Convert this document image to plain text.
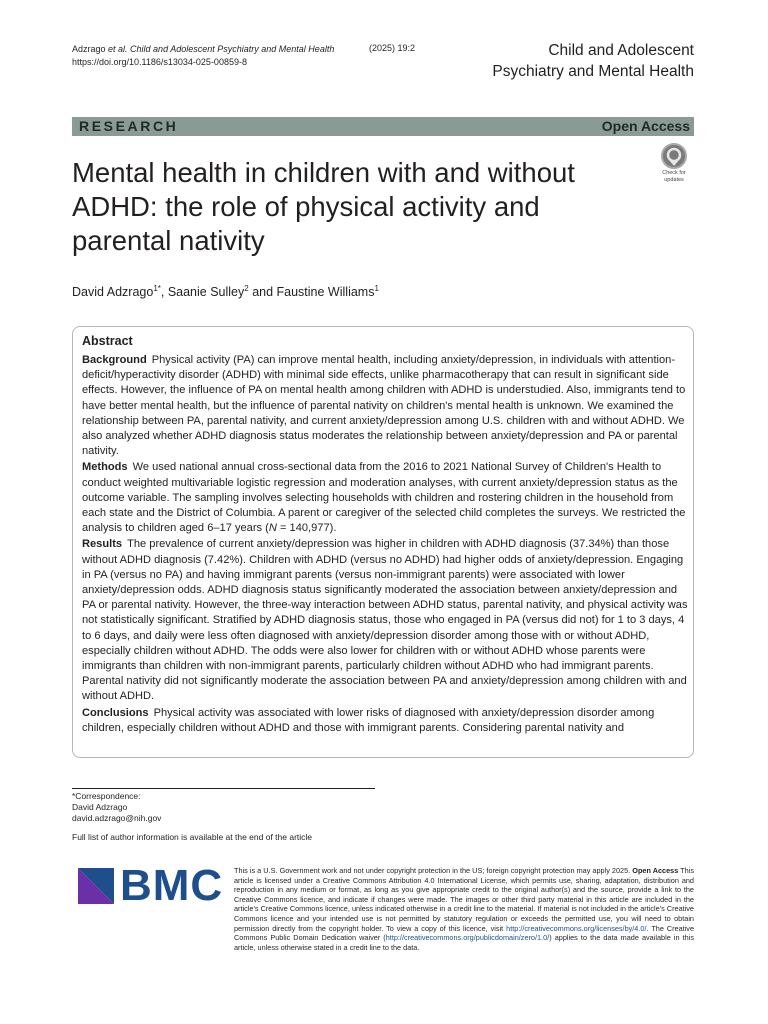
Adzrago et al. Child and Adolescent Psychiatry and Mental Health
https://doi.org/10.1186/s13034-025-00859-8
(2025) 19:2	Child and Adolescent
Psychiatry and Mental Health
RESEARCH	Open Access
Mental health in children with and without ADHD: the role of physical activity and parental nativity
Check for
updates
David Adzrago$^{1*}$, Saanie Sulley$^2$ and Faustine Williams$^1$
Abstract

Background Physical activity (PA) can improve mental health, including anxiety/depression, in individuals with attention-deficit/hyperactivity disorder (ADHD) with minimal side effects, unlike pharmacotherapy that can result in significant side effects. However, the influence of PA on mental health among children with ADHD is understudied. Also, immigrants tend to have better mental health, but the influence of parental nativity on children's mental health is unknown. We examined the relationship between PA, parental nativity, and current anxiety/depression among U.S. children with and without ADHD. We also analyzed whether ADHD diagnosis status moderates the relationship between anxiety/depression and PA or parental nativity.

Methods We used national annual cross-sectional data from the 2016 to 2021 National Survey of Children's Health to conduct weighted multivariable logistic regression and moderation analyses, with current anxiety/depression status as the outcome variable. The sampling involves selecting households with children and rostering children in the household from each state and the District of Columbia. A parent or caregiver of the selected child completes the surveys. We restricted the analysis to children aged 6–17 years (N = 140,977).

Results The prevalence of current anxiety/depression was higher in children with ADHD diagnosis (37.34%) than those without ADHD diagnosis (7.42%). Children with ADHD (versus no ADHD) had higher odds of anxiety/depression. Engaging in PA (versus no PA) and having immigrant parents (versus non-immigrant parents) were associated with lower anxiety/depression odds. ADHD diagnosis status significantly moderated the association between anxiety/depression and PA or parental nativity. However, the three-way interaction between ADHD status, parental nativity, and physical activity was not statistically significant. Stratified by ADHD diagnosis status, those who engaged in PA (versus did not) for 1 to 3 days, 4 to 6 days, and daily were less often diagnosed with anxiety/depression disorder among those with or without ADHD, especially children without ADHD. The odds were also lower for children with or without ADHD whose parents were immigrants than children with non-immigrant parents, particularly children without ADHD who had immigrant parents. Parental nativity did not significantly moderate the association between PA and anxiety/depression among children with and without ADHD.

Conclusions Physical activity was associated with lower risks of diagnosed with anxiety/depression disorder among children, especially children without ADHD and those with immigrant parents. Considering parental nativity and

*Correspondence:
David Adzrago
david.adzrago@nih.gov
Full list of author information is available at the end of the article
BMC This is a U.S. Government work and not under copyright protection in the US; foreign copyright protection may apply 2025. Open Access This article is licensed under a Creative Commons Attribution 4.0 International License, which permits use, sharing, adaptation, distribution and reproduction in any medium or format, as long as you give appropriate credit to the original author(s) and the source, provide a link to the Creative Commons licence, and indicate if changes were made. The images or other third party material in this article are included in the article's Creative Commons licence, unless indicated otherwise in a credit line to the material. If material is not included in the article's Creative Commons licence and your intended use is not permitted by statutory regulation or exceeds the permitted use, you will need to obtain permission directly from the copyright holder. To view a copy of this licence, visit http://creativecommons.org/licenses/by/4.0/. The Creative Commons Public Domain Dedication waiver (http://creativecommons.org/publicdomain/zero/1.0/) applies to the data made available in this article, unless otherwise stated in a credit line to the data.
